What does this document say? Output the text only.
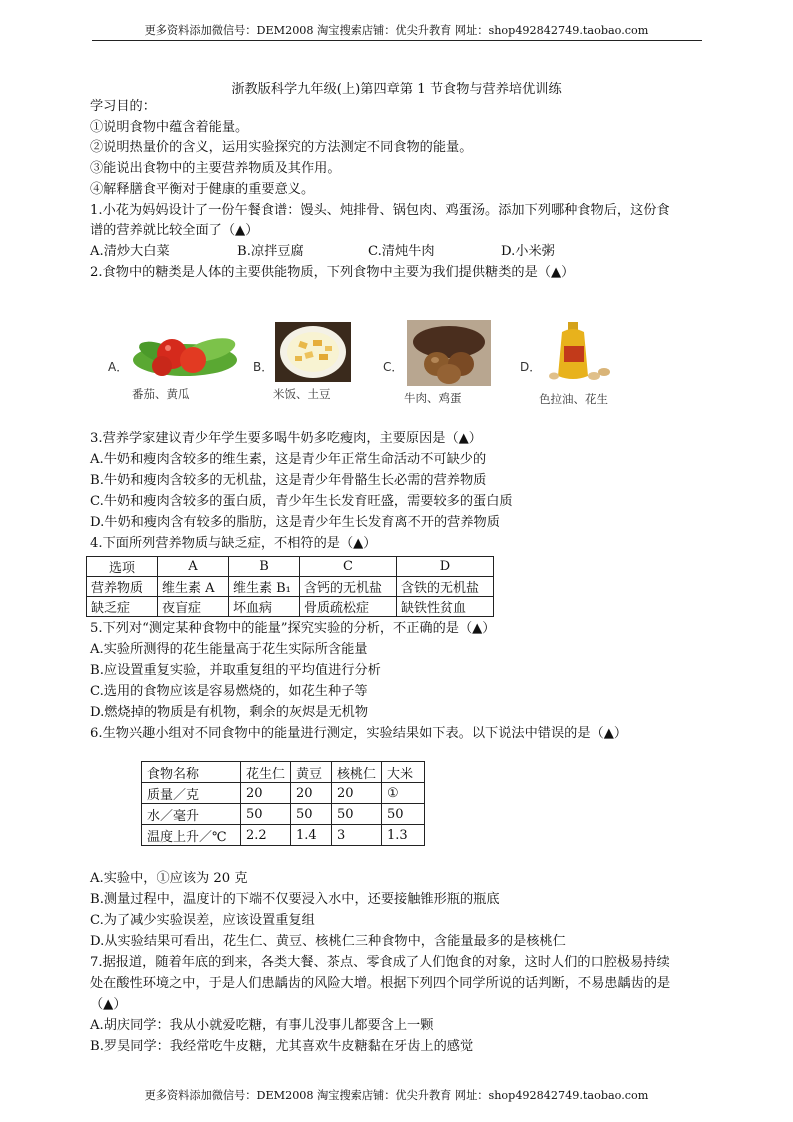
更多资料添加微信号：DEM2008 淘宝搜索店铺：优尖升教育 网址：shop492842749.taobao.com
浙教版科学九年级(上)第四章第 1 节食物与营养培优训练
学习目的：
①说明食物中蕴含着能量。
②说明热量价的含义，运用实验探究的方法测定不同食物的能量。
③能说出食物中的主要营养物质及其作用。
④解释膳食平衡对于健康的重要意义。
1.小花为妈妈设计了一份午餐食谱：馒头、炖排骨、锅包肉、鸡蛋汤。添加下列哪种食物后，这份食
谱的营养就比较全面了（▲）
A.清炒大白菜	B.凉拌豆腐	C.清炖牛肉	D.小米粥
2.食物中的糖类是人体的主要供能物质，下列食物中主要为我们提供糖类的是（▲）
A．
番茄、黄瓜
B．
米饭、土豆
C．
牛肉、鸡蛋
D．
色拉油、花生
3.营养学家建议青少年学生要多喝牛奶多吃瘦肉，主要原因是（▲）
A.牛奶和瘦肉含较多的维生素，这是青少年正常生命活动不可缺少的
B.牛奶和瘦肉含较多的无机盐，这是青少年骨骼生长必需的营养物质
C.牛奶和瘦肉含较多的蛋白质，青少年生长发育旺盛，需要较多的蛋白质
D.牛奶和瘦肉含有较多的脂肪，这是青少年生长发育离不开的营养物质
4.下面所列营养物质与缺乏症，不相符的是（▲）
选项	A	B	C	D
营养物质	维生素 A	维生素 B₁	含钙的无机盐	含铁的无机盐
缺乏症	夜盲症	坏血病	骨质疏松症	缺铁性贫血
5.下列对“测定某种食物中的能量”探究实验的分析，不正确的是（▲）
A.实验所测得的花生能量高于花生实际所含能量
B.应设置重复实验，并取重复组的平均值进行分析
C.选用的食物应该是容易燃烧的，如花生种子等
D.燃烧掉的物质是有机物，剩余的灰烬是无机物
6.生物兴趣小组对不同食物中的能量进行测定，实验结果如下表。以下说法中错误的是（▲）
食物名称	花生仁	黄豆	核桃仁	大米
质量／克	20	20	20	①
水／毫升	50	50	50	50
温度上升／℃	2.2	1.4	3	1.3
A.实验中，①应该为 20 克
B.测量过程中，温度计的下端不仅要浸入水中，还要接触锥形瓶的瓶底
C.为了减少实验误差，应该设置重复组
D.从实验结果可看出，花生仁、黄豆、核桃仁三种食物中，含能量最多的是核桃仁
7.据报道，随着年底的到来，各类大餐、茶点、零食成了人们饱食的对象，这时人们的口腔极易持续
处在酸性环境之中，于是人们患龋齿的风险大增。根据下列四个同学所说的话判断，不易患龋齿的是
（▲）
A.胡庆同学：我从小就爱吃糖，有事儿没事儿都要含上一颗
B.罗昊同学：我经常吃牛皮糖，尤其喜欢牛皮糖黏在牙齿上的感觉
更多资料添加微信号：DEM2008 淘宝搜索店铺：优尖升教育 网址：shop492842749.taobao.com
